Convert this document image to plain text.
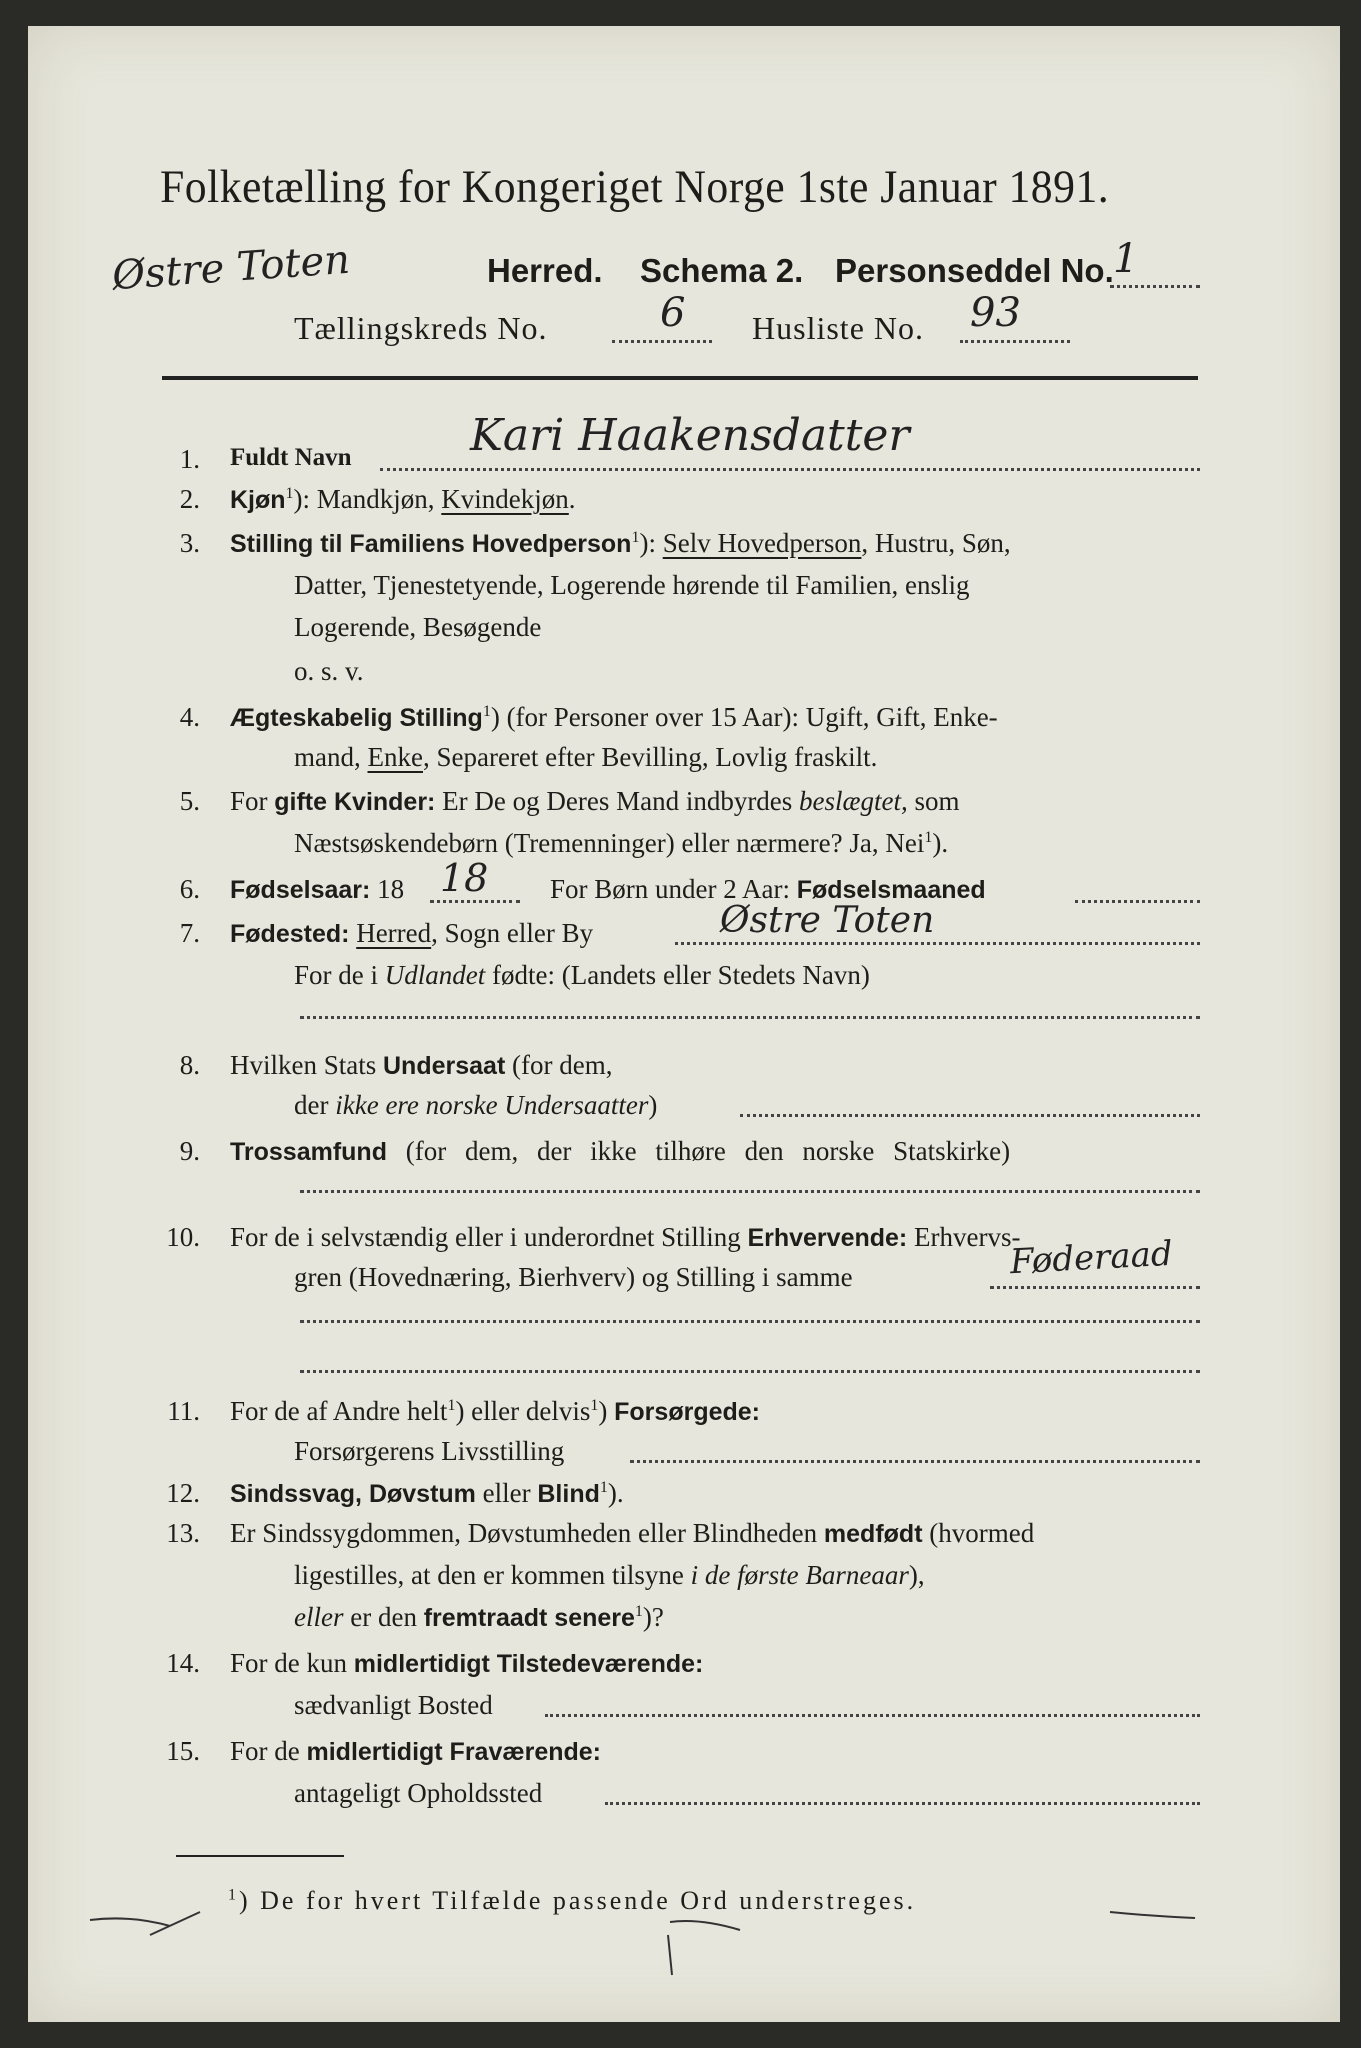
Folketælling for Kongeriget Norge 1ste Januar 1891.
Østre Toten	Herred. Schema 2. Personseddel No. 1
Tællingskreds No.	6 Husliste No. 93
1. Fuldt Navn	Kari Haakensdatter
2. Kjøn$^1$): Mandkjøn, Kvindekjøn.
3. Stilling til Familiens Hovedperson$^1$): Selv Hovedperson, Hustru, Søn,
Datter, Tjenestetyende, Logerende hørende til Familien, enslig
Logerende, Besøgende
o. s. v.
4. Ægteskabelig Stilling$^1$) (for Personer over 15 Aar): Ugift, Gift, Enke-
mand, Enke, Separeret efter Bevilling, Lovlig fraskilt.
5. For gifte Kvinder: Er De og Deres Mand indbyrdes beslægtet, som
Næstsøskendebørn (Tremenninger) eller nærmere? Ja, Nei$^1$).
6. Fødselsaar: 18 18 For Børn under 2 Aar: Fødselsmaaned
7. Fødested: Herred, Sogn eller By	Østre Toten
For de i Udlandet fødte: (Landets eller Stedets Navn)
8. Hvilken Stats Undersaat (for dem,
der ikke ere norske Undersaatter)
9. Trossamfund (for dem, der ikke tilhøre den norske Statskirke)
10. For de i selvstændig eller i underordnet Stilling Erhvervende: Erhvervs-
gren (Hovednæring, Bierhverv) og Stilling i samme	Føderaad
11. For de af Andre helt$^1$) eller delvis$^1$) Forsørgede:
Forsørgerens Livsstilling
12. Sindssvag, Døvstum eller Blind$^1$).
13. Er Sindssygdommen, Døvstumheden eller Blindheden medfødt (hvormed
ligestilles, at den er kommen tilsyne i de første Barneaar),
eller er den fremtraadt senere$^1$)?
14. For de kun midlertidigt Tilstedeværende:
sædvanligt Bosted
15. For de midlertidigt Fraværende:
antageligt Opholdssted
$^1$) De for hvert Tilfælde passende Ord understreges.
